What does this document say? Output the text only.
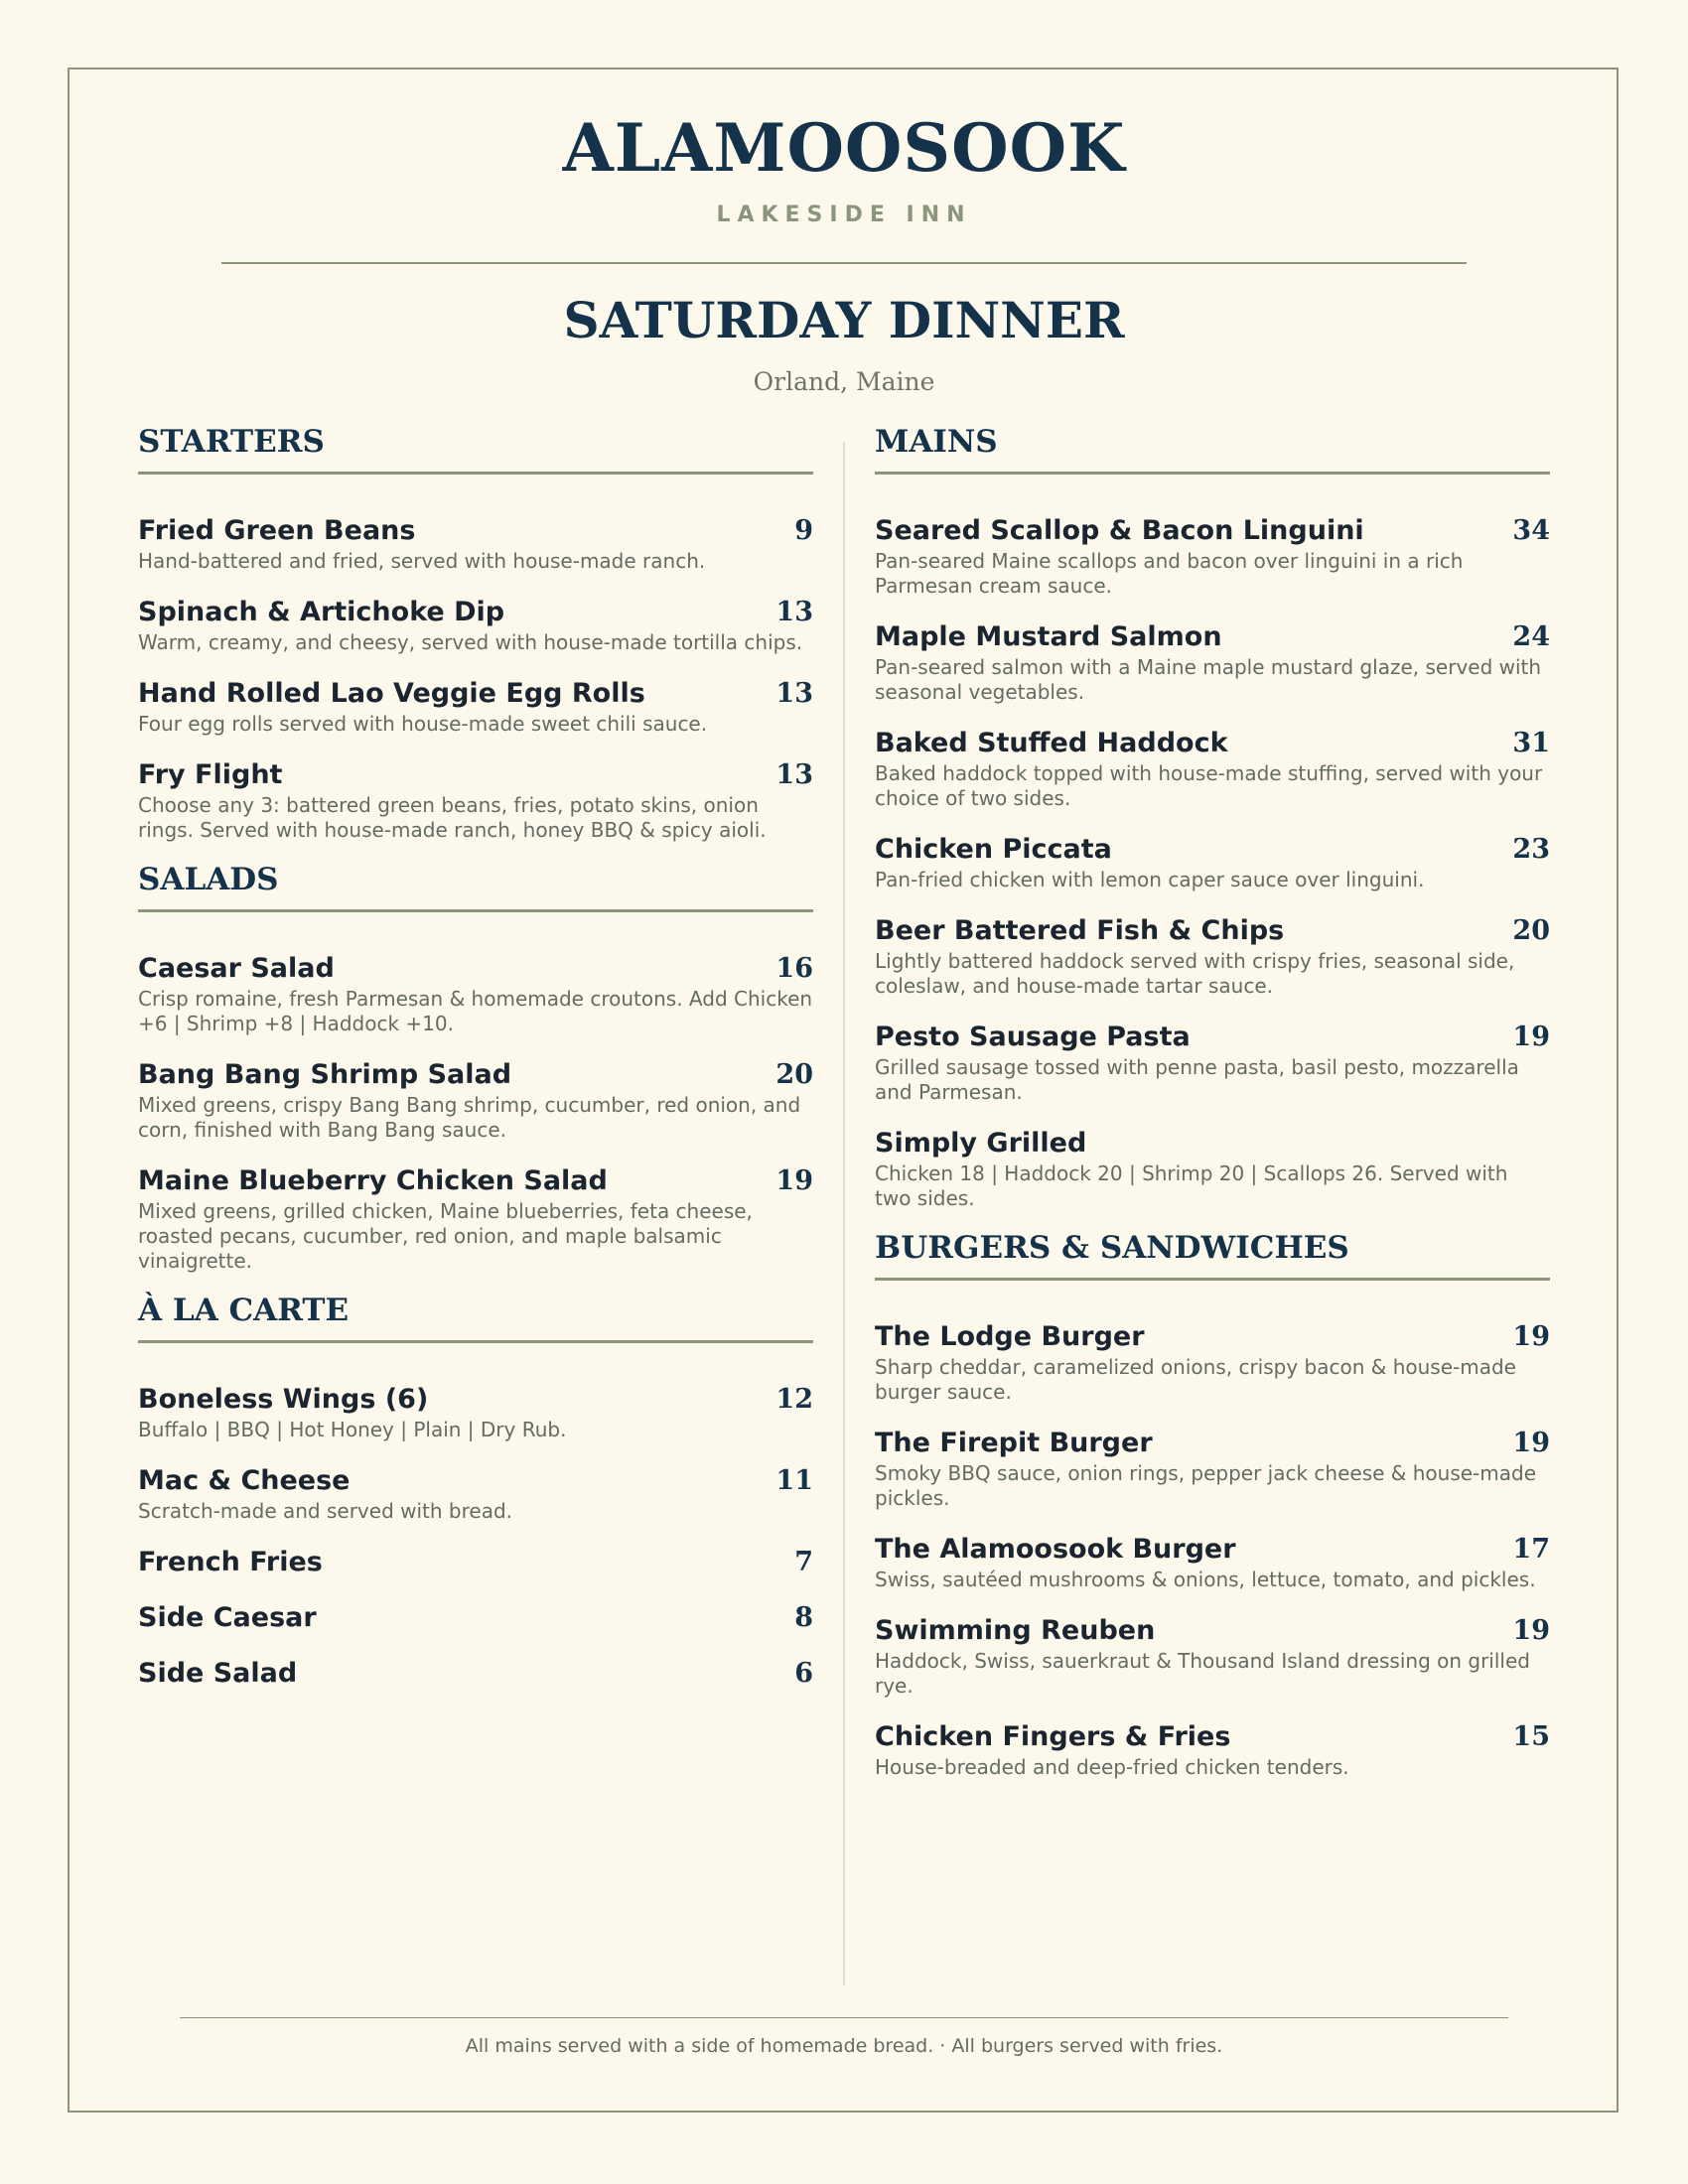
ALAMOOSOOK
LAKESIDE INN
SATURDAY DINNER
Orland, Maine
STARTERS
Fried Green Beans	9
Hand-battered and fried, served with house-made ranch.
Spinach & Artichoke Dip	13
Warm, creamy, and cheesy, served with house-made tortilla chips.
Hand Rolled Lao Veggie Egg Rolls	13
Four egg rolls served with house-made sweet chili sauce.
Fry Flight	13
Choose any 3: battered green beans, fries, potato skins, onion rings. Served with house-made ranch, honey BBQ & spicy aioli.
SALADS
Caesar Salad	16
Crisp romaine, fresh Parmesan & homemade croutons. Add Chicken +6 | Shrimp +8 | Haddock +10.
Bang Bang Shrimp Salad	20
Mixed greens, crispy Bang Bang shrimp, cucumber, red onion, and corn, finished with Bang Bang sauce.
Maine Blueberry Chicken Salad	19
Mixed greens, grilled chicken, Maine blueberries, feta cheese, roasted pecans, cucumber, red onion, and maple balsamic vinaigrette.
À LA CARTE
Boneless Wings (6)	12
Buffalo | BBQ | Hot Honey | Plain | Dry Rub.
Mac & Cheese	11
Scratch-made and served with bread.
French Fries	7
Side Caesar	8
Side Salad	6
MAINS
Seared Scallop & Bacon Linguini	34
Pan-seared Maine scallops and bacon over linguini in a rich Parmesan cream sauce.
Maple Mustard Salmon	24
Pan-seared salmon with a Maine maple mustard glaze, served with seasonal vegetables.
Baked Stuffed Haddock	31
Baked haddock topped with house-made stuffing, served with your choice of two sides.
Chicken Piccata	23
Pan-fried chicken with lemon caper sauce over linguini.
Beer Battered Fish & Chips	20
Lightly battered haddock served with crispy fries, seasonal side, coleslaw, and house-made tartar sauce.
Pesto Sausage Pasta	19
Grilled sausage tossed with penne pasta, basil pesto, mozzarella and Parmesan.
Simply Grilled
Chicken 18 | Haddock 20 | Shrimp 20 | Scallops 26. Served with two sides.
BURGERS & SANDWICHES
The Lodge Burger	19
Sharp cheddar, caramelized onions, crispy bacon & house-made burger sauce.
The Firepit Burger	19
Smoky BBQ sauce, onion rings, pepper jack cheese & house-made pickles.
The Alamoosook Burger	17
Swiss, sautéed mushrooms & onions, lettuce, tomato, and pickles.
Swimming Reuben	19
Haddock, Swiss, sauerkraut & Thousand Island dressing on grilled rye.
Chicken Fingers & Fries	15
House-breaded and deep-fried chicken tenders.
All mains served with a side of homemade bread. · All burgers served with fries.
